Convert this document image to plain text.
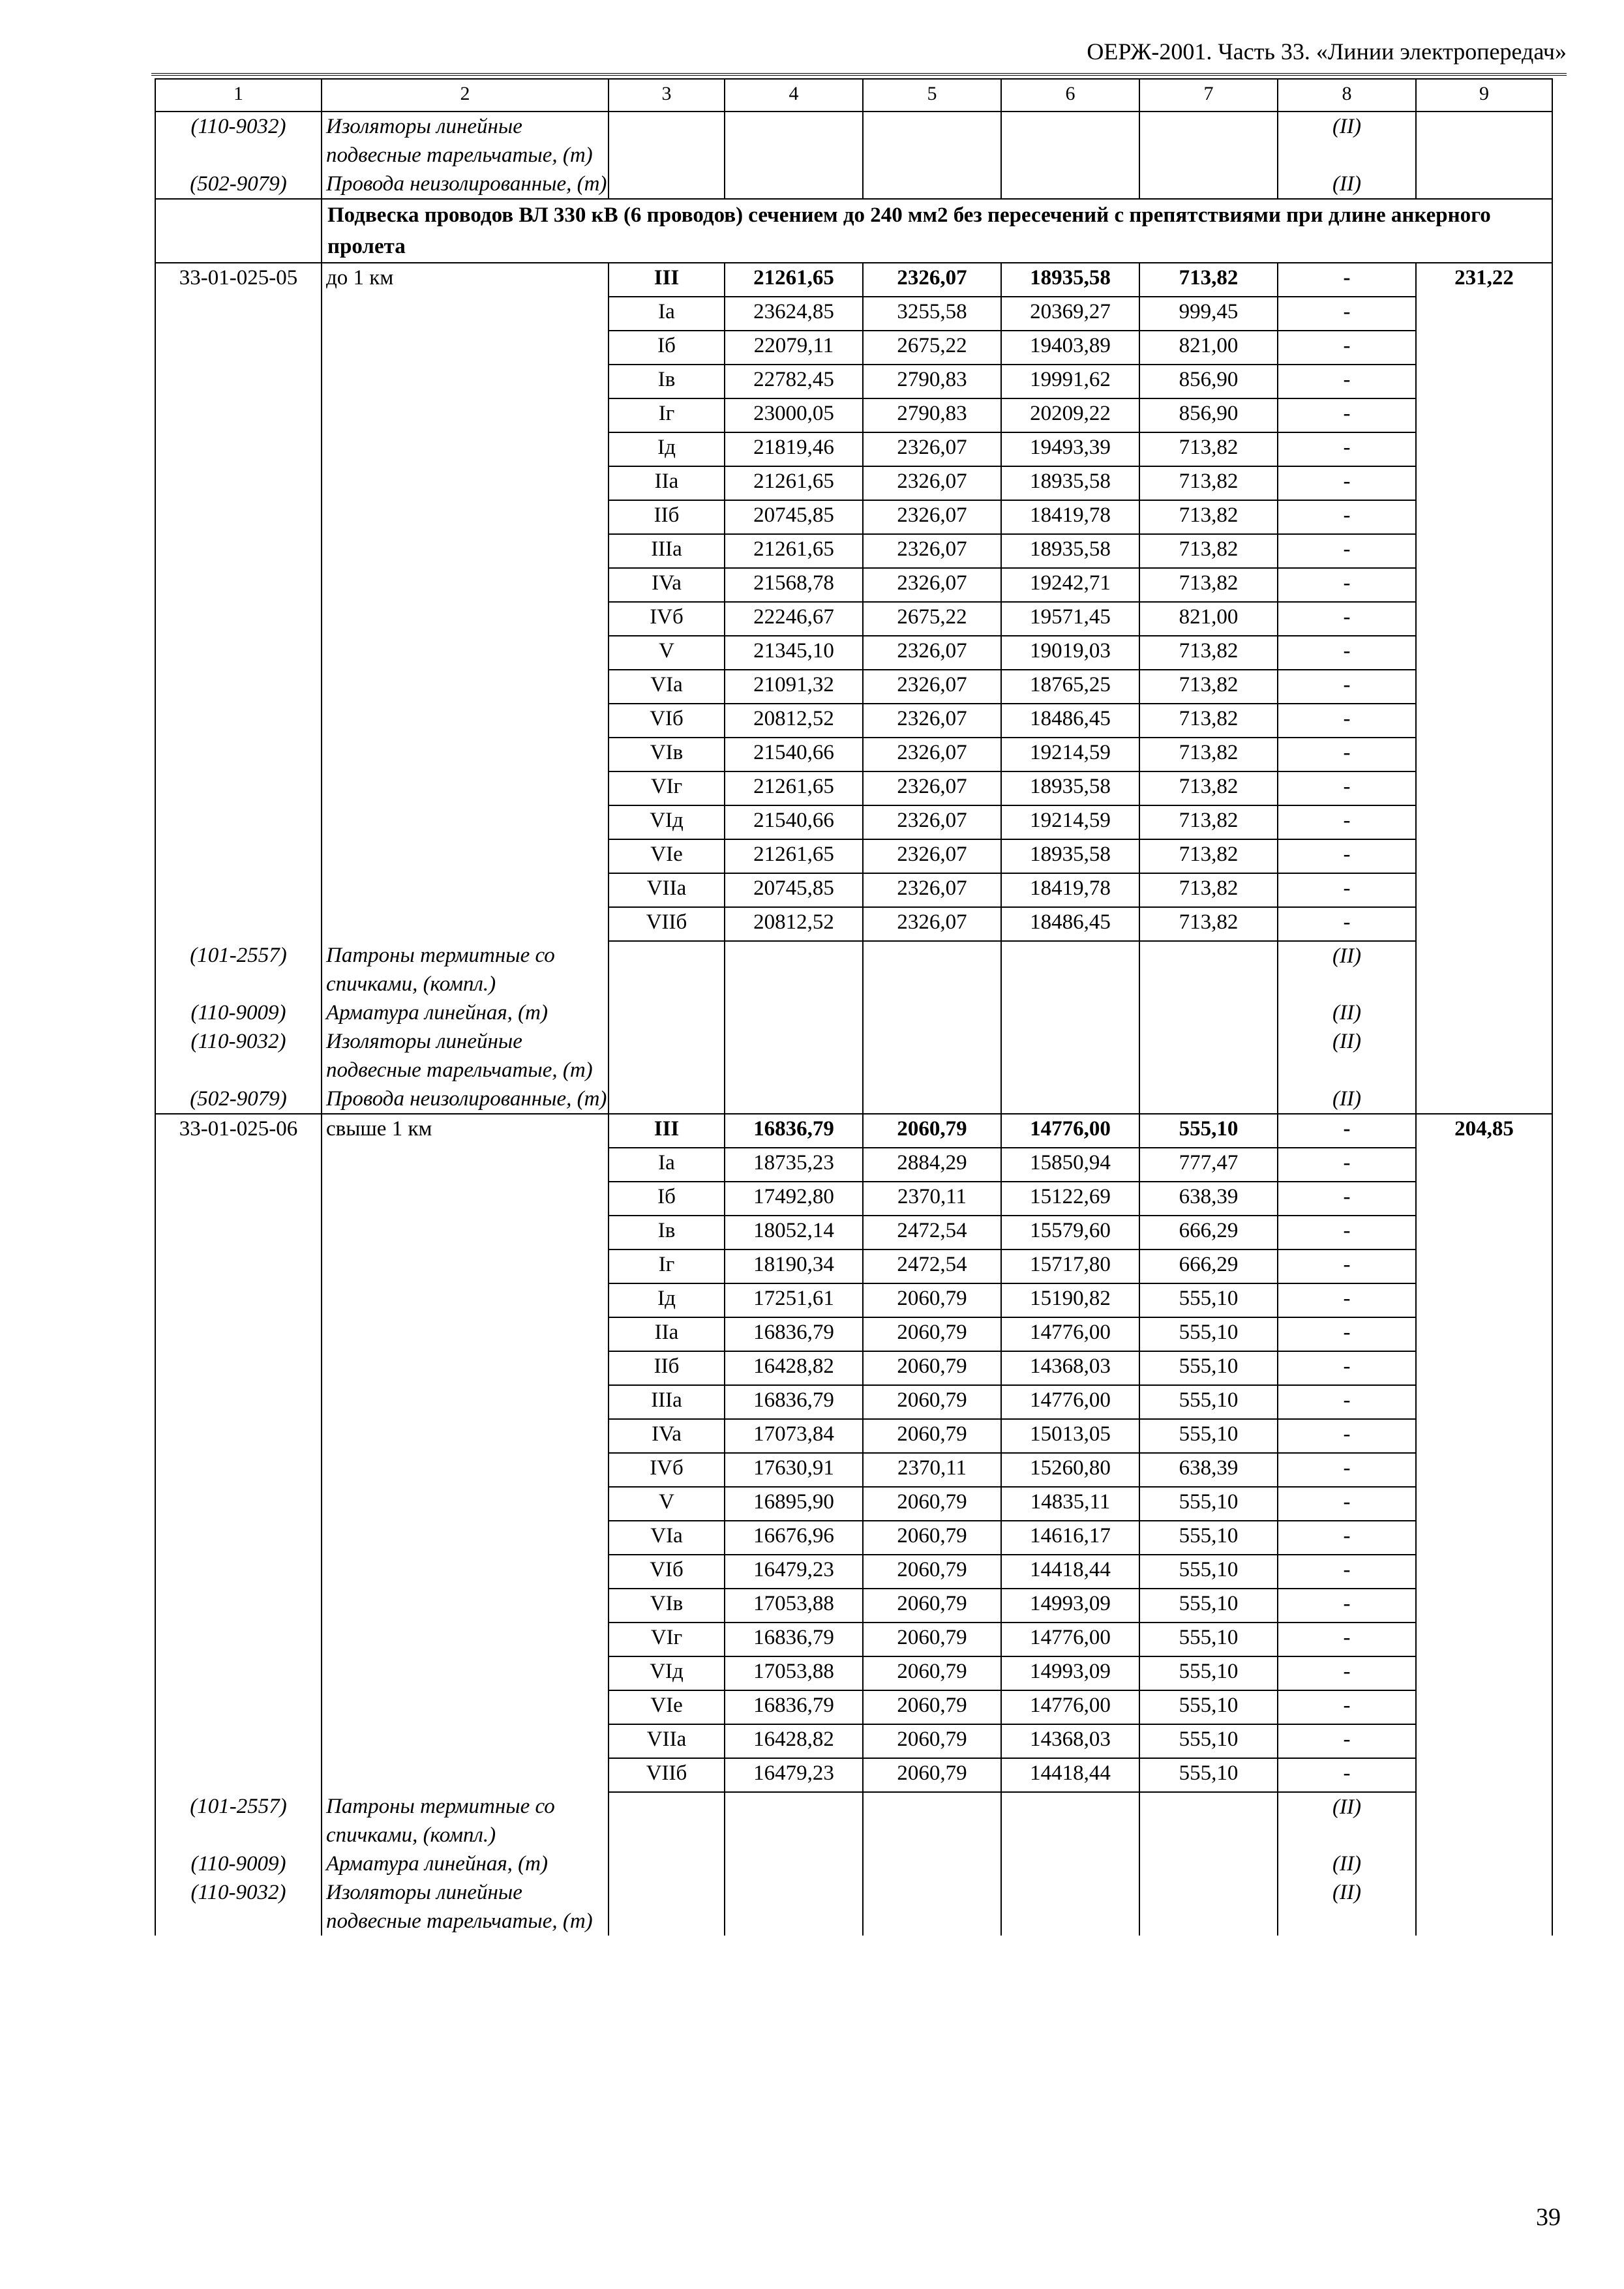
ОЕРЖ-2001. Часть 33. «Линии электропередач»
1	2	3	4	5	6	7	8	9
(110-9032)	Изоляторы линейные подвесные тарельчатые, (т)						(II)	
(502-9079)	Провода неизолированные, (т)						(II)	
	Подвеска проводов ВЛ 330 кВ (6 проводов) сечением до 240 мм2 без пересечений с препятствиями при длине анкерного пролета							
33-01-025-05	до 1 км	III	21261,65	2326,07	18935,58	713,82	-	231,22
		Ia	23624,85	3255,58	20369,27	999,45	-	
		Iб	22079,11	2675,22	19403,89	821,00	-	
		Iв	22782,45	2790,83	19991,62	856,90	-	
		Iг	23000,05	2790,83	20209,22	856,90	-	
		Iд	21819,46	2326,07	19493,39	713,82	-	
		IIa	21261,65	2326,07	18935,58	713,82	-	
		IIб	20745,85	2326,07	18419,78	713,82	-	
		IIIa	21261,65	2326,07	18935,58	713,82	-	
		IVa	21568,78	2326,07	19242,71	713,82	-	
		IVб	22246,67	2675,22	19571,45	821,00	-	
		V	21345,10	2326,07	19019,03	713,82	-	
		VIa	21091,32	2326,07	18765,25	713,82	-	
		VIб	20812,52	2326,07	18486,45	713,82	-	
		VIв	21540,66	2326,07	19214,59	713,82	-	
		VIг	21261,65	2326,07	18935,58	713,82	-	
		VIд	21540,66	2326,07	19214,59	713,82	-	
		VIe	21261,65	2326,07	18935,58	713,82	-	
		VIIa	20745,85	2326,07	18419,78	713,82	-	
		VIIб	20812,52	2326,07	18486,45	713,82	-	
(101-2557)	Патроны термитные со спичками, (компл.)						(II)	
(110-9009)	Арматура линейная, (т)						(II)	
(110-9032)	Изоляторы линейные подвесные тарельчатые, (т)						(II)	
(502-9079)	Провода неизолированные, (т)						(II)	
33-01-025-06	свыше 1 км	III	16836,79	2060,79	14776,00	555,10	-	204,85
		Ia	18735,23	2884,29	15850,94	777,47	-	
		Iб	17492,80	2370,11	15122,69	638,39	-	
		Iв	18052,14	2472,54	15579,60	666,29	-	
		Iг	18190,34	2472,54	15717,80	666,29	-	
		Iд	17251,61	2060,79	15190,82	555,10	-	
		IIa	16836,79	2060,79	14776,00	555,10	-	
		IIб	16428,82	2060,79	14368,03	555,10	-	
		IIIa	16836,79	2060,79	14776,00	555,10	-	
		IVa	17073,84	2060,79	15013,05	555,10	-	
		IVб	17630,91	2370,11	15260,80	638,39	-	
		V	16895,90	2060,79	14835,11	555,10	-	
		VIa	16676,96	2060,79	14616,17	555,10	-	
		VIб	16479,23	2060,79	14418,44	555,10	-	
		VIв	17053,88	2060,79	14993,09	555,10	-	
		VIг	16836,79	2060,79	14776,00	555,10	-	
		VIд	17053,88	2060,79	14993,09	555,10	-	
		VIe	16836,79	2060,79	14776,00	555,10	-	
		VIIa	16428,82	2060,79	14368,03	555,10	-	
		VIIб	16479,23	2060,79	14418,44	555,10	-	
(101-2557)	Патроны термитные со спичками, (компл.)						(II)	
(110-9009)	Арматура линейная, (т)						(II)	
(110-9032)	Изоляторы линейные подвесные тарельчатые, (т)						(II)	
39
